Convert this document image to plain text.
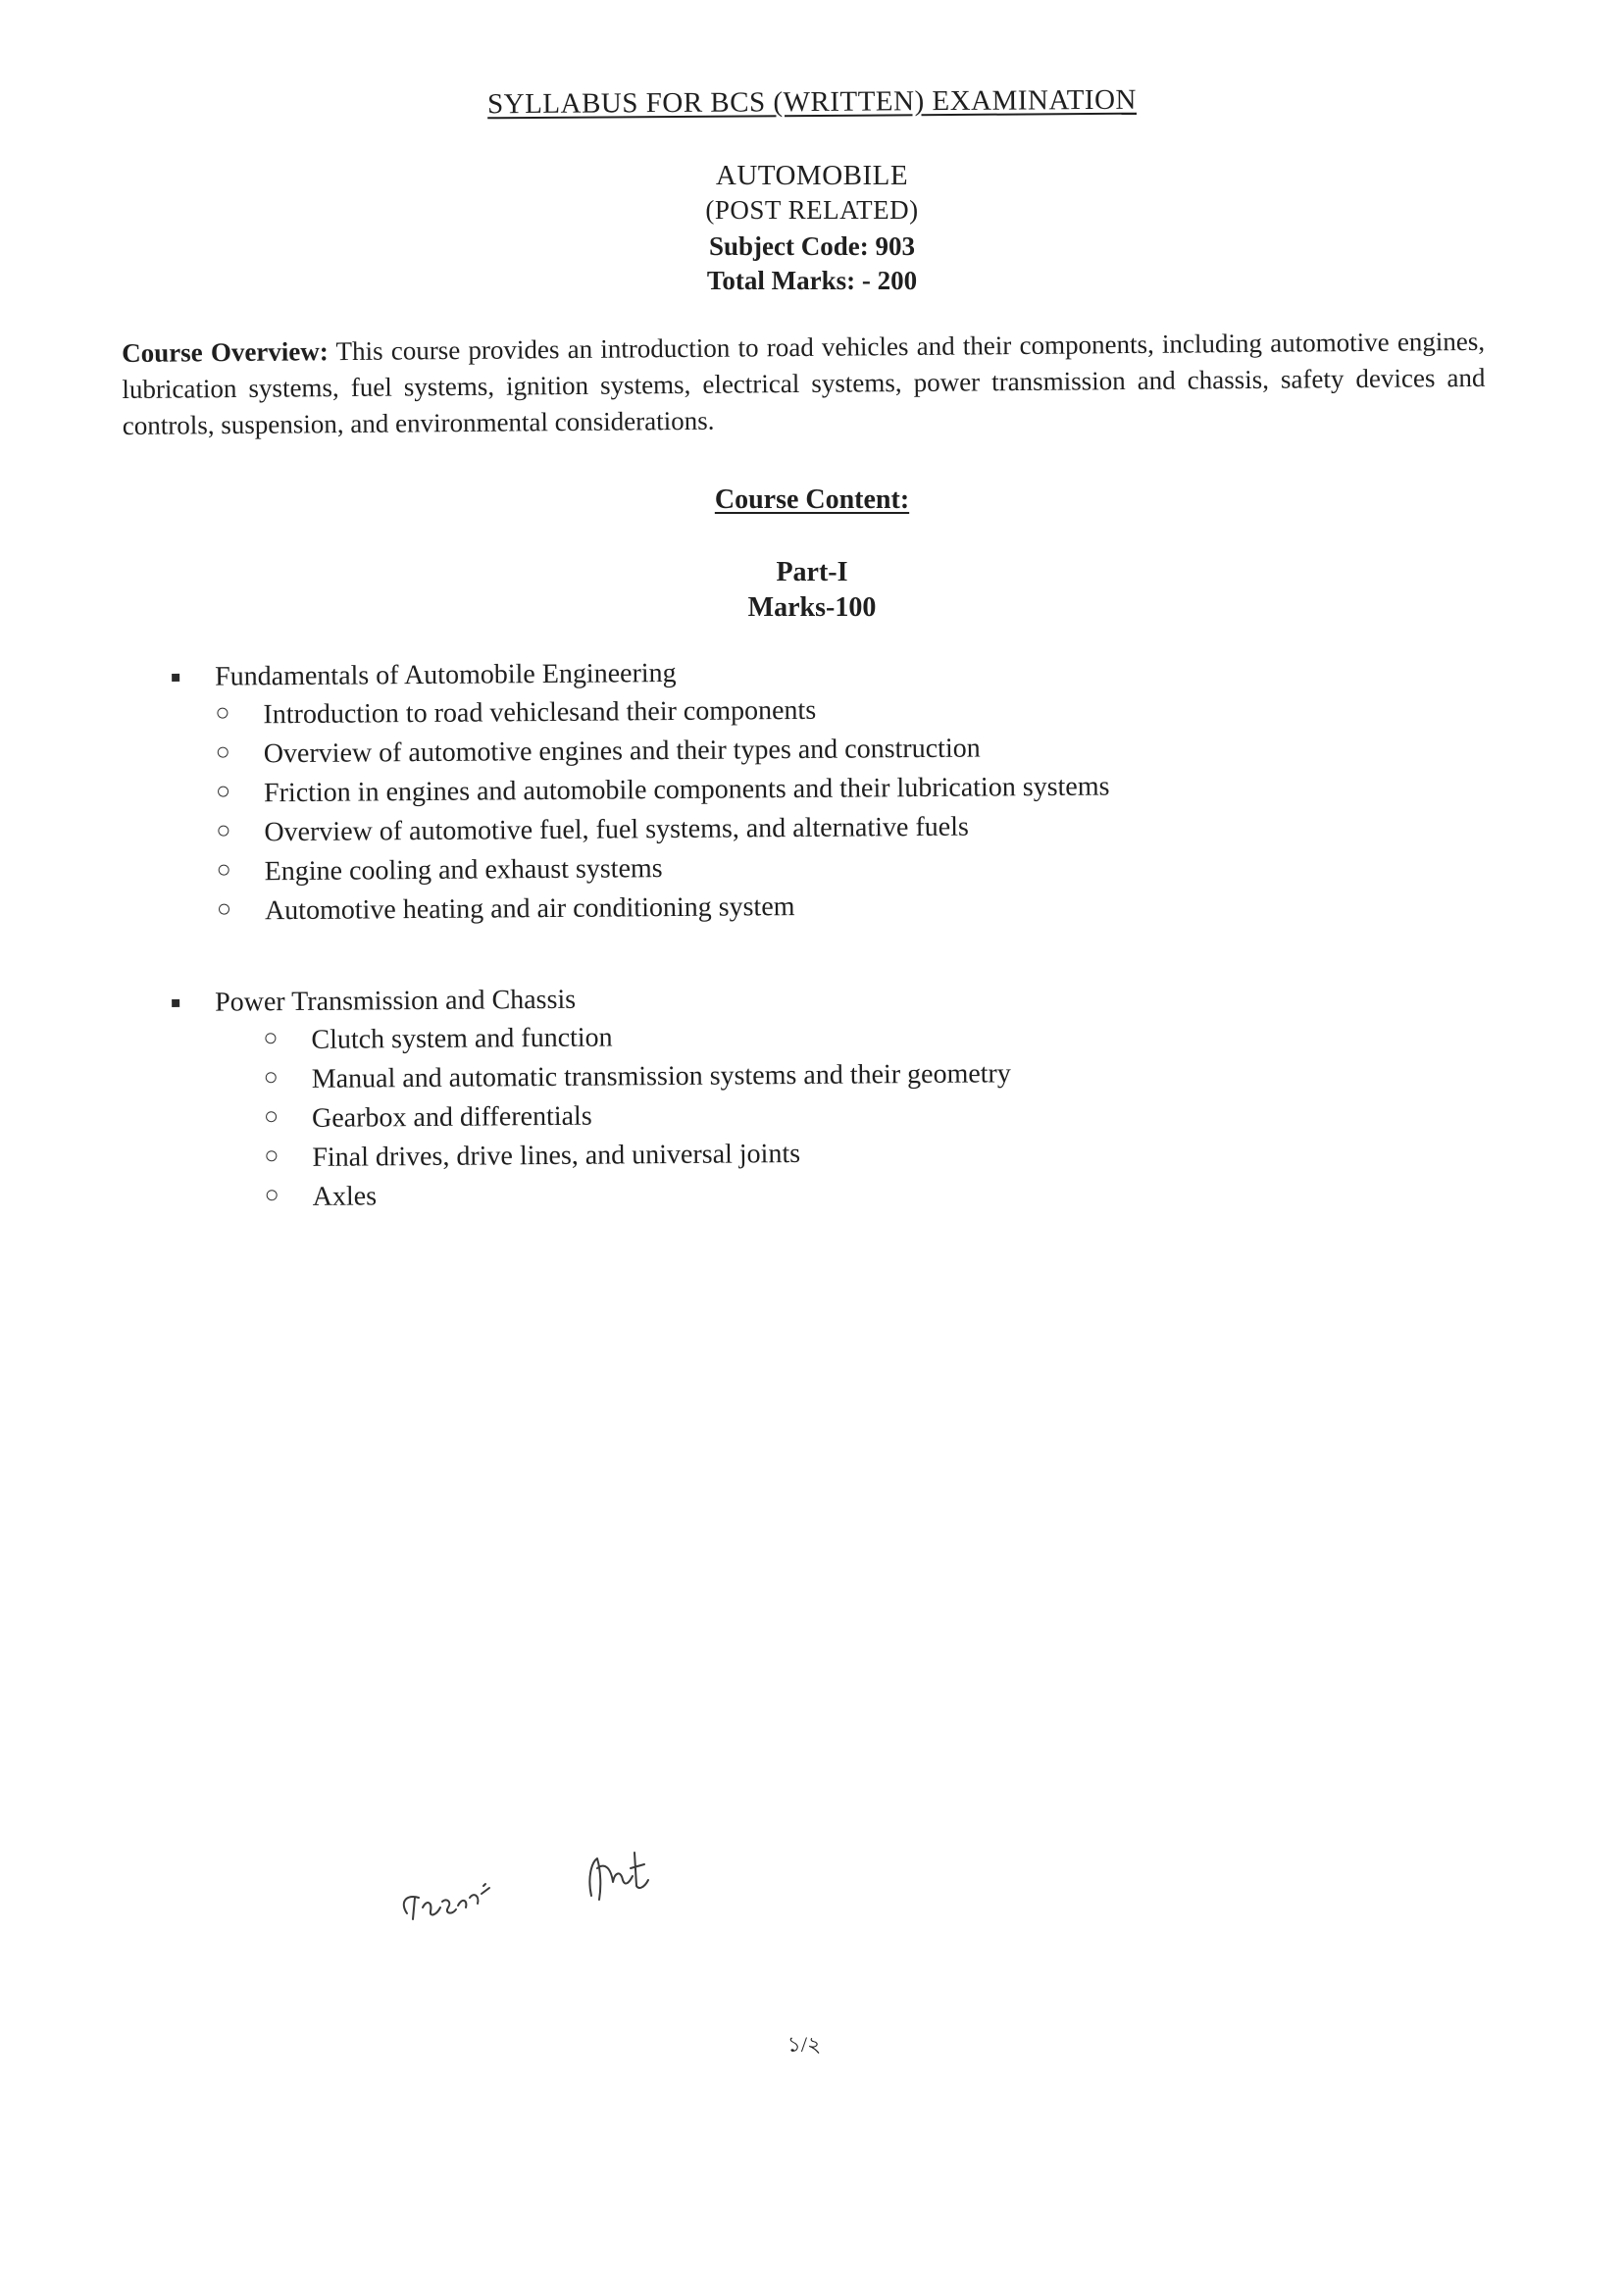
SYLLABUS FOR BCS (WRITTEN) EXAMINATION
AUTOMOBILE
(POST RELATED)
Subject Code: 903
Total Marks: - 200
Course Overview: This course provides an introduction to road vehicles and their components, including automotive engines, lubrication systems, fuel systems, ignition systems, electrical systems, power transmission and chassis, safety devices and controls, suspension, and environmental considerations.
Course Content:
Part-I
Marks-100
Fundamentals of Automobile Engineering
Introduction to road vehiclesand their components
Overview of automotive engines and their types and construction
Friction in engines and automobile components and their lubrication systems
Overview of automotive fuel, fuel systems, and alternative fuels
Engine cooling and exhaust systems
Automotive heating and air conditioning system
Power Transmission and Chassis
Clutch system and function
Manual and automatic transmission systems and their geometry
Gearbox and differentials
Final drives, drive lines, and universal joints
Axles
১/২
